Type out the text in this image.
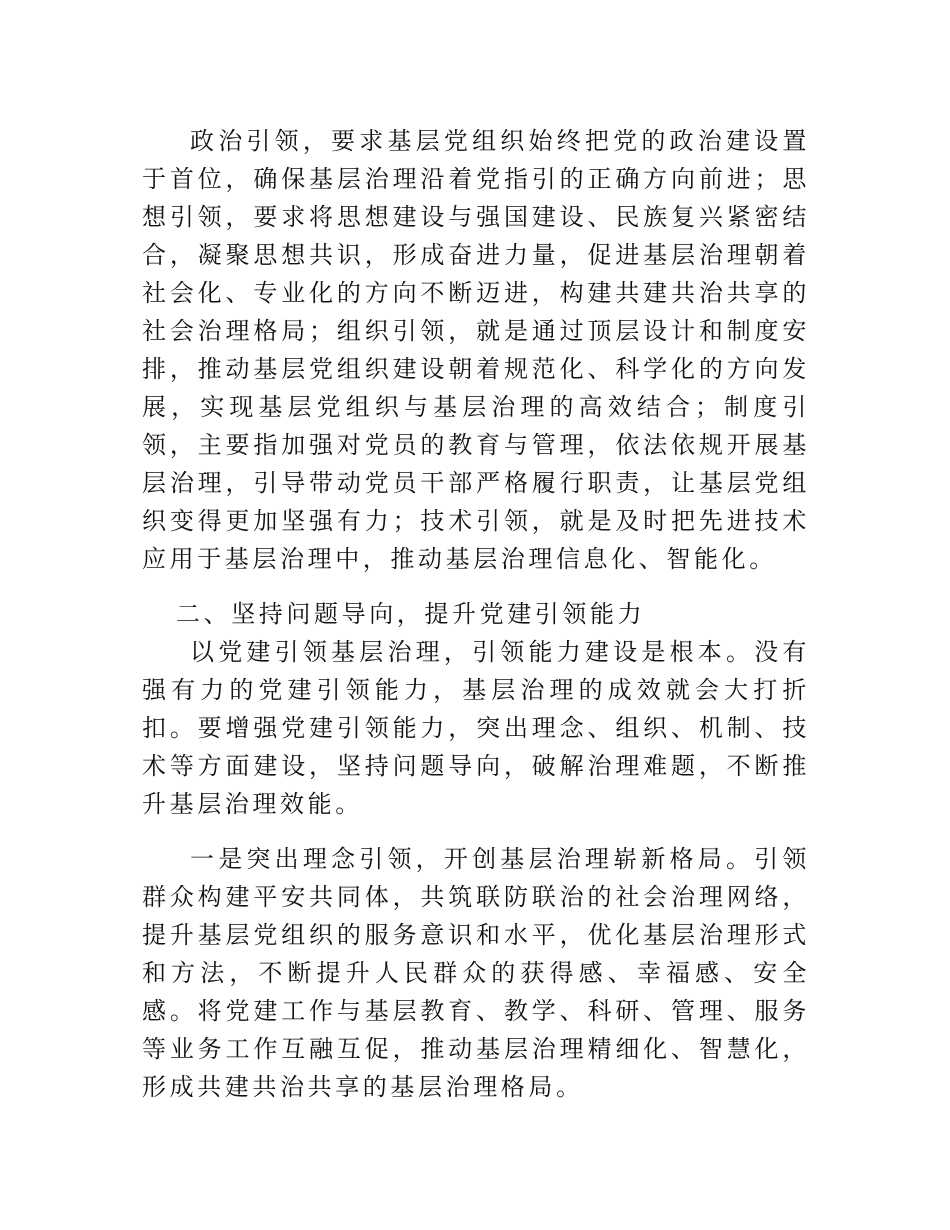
政治引领，要求基层党组织始终把党的政治建设置于首位，确保基层治理沿着党指引的正确方向前进；思想引领，要求将思想建设与强国建设、民族复兴紧密结合，凝聚思想共识，形成奋进力量，促进基层治理朝着社会化、专业化的方向不断迈进，构建共建共治共享的社会治理格局；组织引领，就是通过顶层设计和制度安排，推动基层党组织建设朝着规范化、科学化的方向发展，实现基层党组织与基层治理的高效结合；制度引领，主要指加强对党员的教育与管理，依法依规开展基层治理，引导带动党员干部严格履行职责，让基层党组织变得更加坚强有力；技术引领，就是及时把先进技术应用于基层治理中，推动基层治理信息化、智能化。

二、坚持问题导向，提升党建引领能力

以党建引领基层治理，引领能力建设是根本。没有强有力的党建引领能力，基层治理的成效就会大打折扣。要增强党建引领能力，突出理念、组织、机制、技术等方面建设，坚持问题导向，破解治理难题，不断推升基层治理效能。

一是突出理念引领，开创基层治理崭新格局。引领群众构建平安共同体，共筑联防联治的社会治理网络，提升基层党组织的服务意识和水平，优化基层治理形式和方法，不断提升人民群众的获得感、幸福感、安全感。将党建工作与基层教育、教学、科研、管理、服务等业务工作互融互促，推动基层治理精细化、智慧化，形成共建共治共享的基层治理格局。
